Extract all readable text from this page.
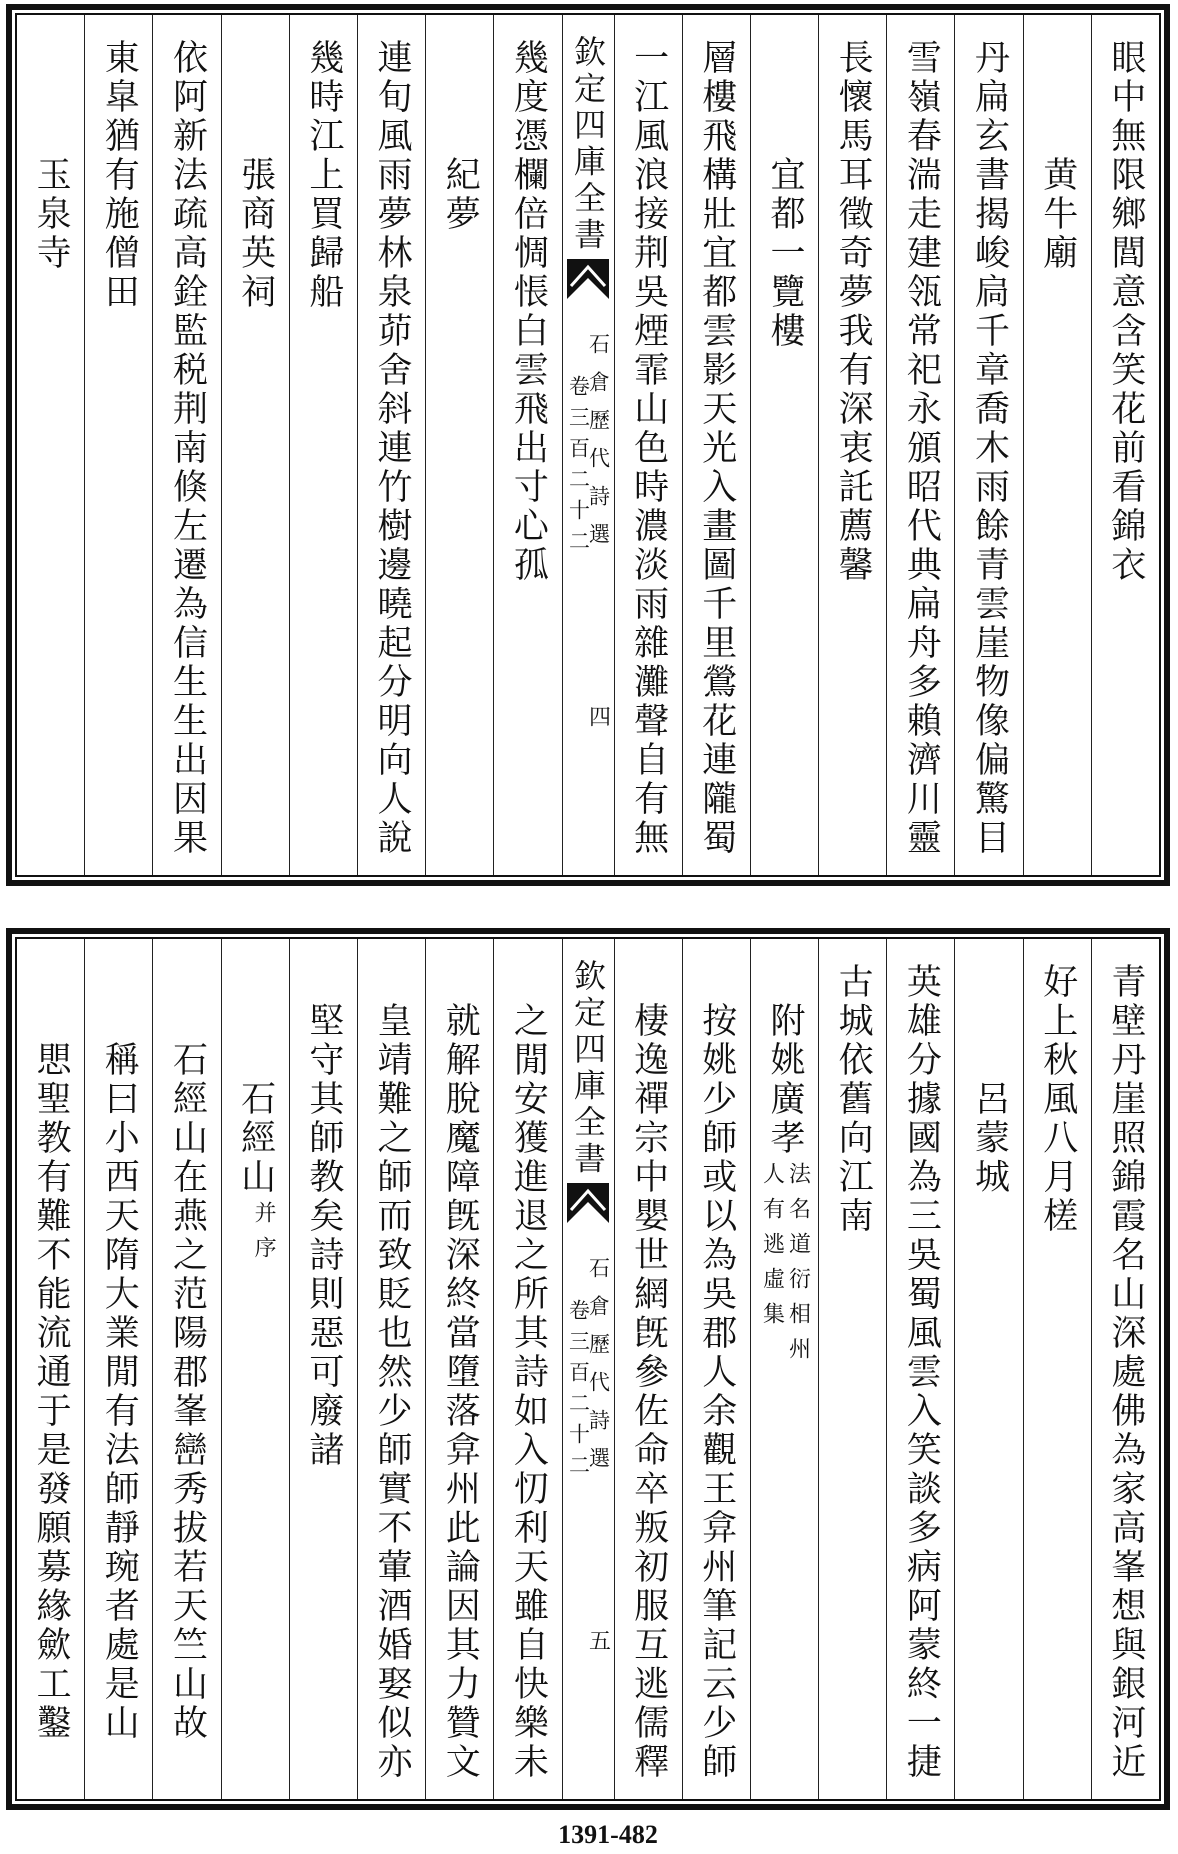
眼中無限鄉閭意含笑花前看錦衣
黄牛廟
丹扁玄書揭峻扃千章喬木雨餘青雲崖物像偏驚目
雪嶺春湍走建瓴常祀永頒昭代典扁舟多賴濟川靈
長懷馬耳徵奇夢我有深衷託薦馨
宜都一覽樓
層樓飛構壯宜都雲影天光入畫圖千里鶯花連隴蜀
一江風浪接荆吳煙霏山色時濃淡雨雜灘聲自有無
欽定四庫全書
石倉歷代詩選
卷三百二十二
四
幾度憑欄倍惆悵白雲飛出寸心孤
紀夢
連旬風雨夢林泉茆舍斜連竹樹邊曉起分明向人說
幾時江上買歸船
張商英祠
依阿新法疏高銓監税荆南倏左遷為信生生出因果
東皐猶有施僧田
玉泉寺
青壁丹崖照錦霞名山深處佛為家高峯想與銀河近
好上秋風八月槎
呂蒙城
英雄分據國為三吳蜀風雲入笑談多病阿蒙終一捷
古城依舊向江南
附姚廣孝
法名道衍相州
人有逃虛集
按姚少師或以為吳郡人余觀王弇州筆記云少師
棲逸禪宗中嬰世網旣參佐命卒叛初服互逃儒釋
欽定四庫全書
石倉歷代詩選
卷三百二十二
五
之閒安獲進退之所其詩如入忉利天雖自快樂未
就解脫魔障旣深終當墮落弇州此論因其力贊文
皇靖難之師而致貶也然少師實不葷酒婚娶似亦
堅守其師教矣詩則惡可廢諸
石經山
并序
石經山在燕之范陽郡峯巒秀拔若天竺山故
稱曰小西天隋大業閒有法師靜琬者處是山
愳聖教有難不能流通于是發願募緣歛工鑿
1391-482
